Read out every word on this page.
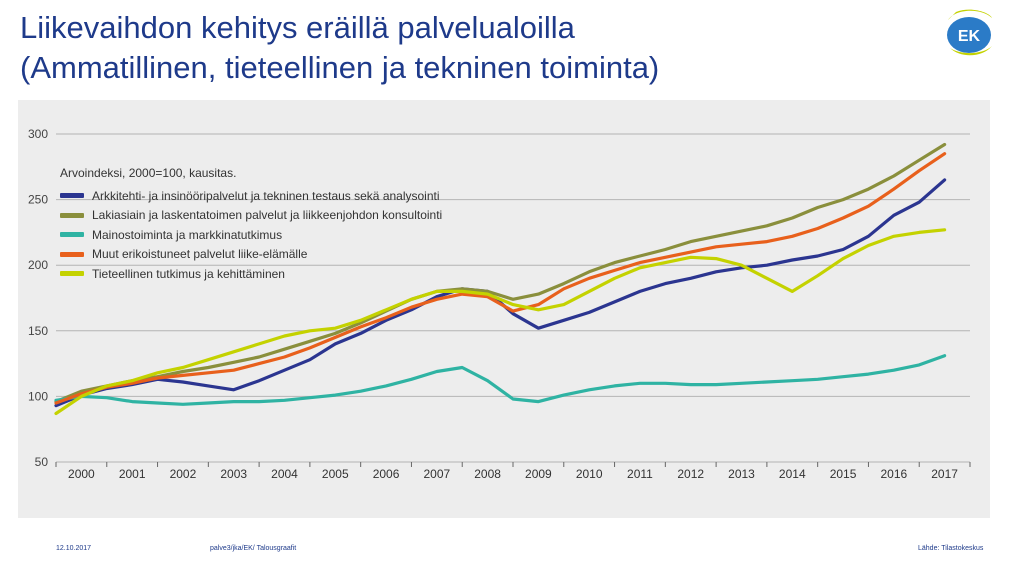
Liikevaihdon kehitys eräillä palvelualoilla
(Ammatillinen, tieteellinen ja tekninen toiminta)
EK
50
100
150
200
250
300
2000 2001 2002 2003 2004 2005 2006 2007 2008 2009 2010 2011 2012 2013 2014 2015 2016 2017
Arvoindeksi, 2000=100, kausitas.
Arkkitehti- ja insinööripalvelut ja tekninen testaus sekä analysointi
Lakiasiain ja laskentatoimen palvelut ja liikkeenjohdon konsultointi
Mainostoiminta ja markkinatutkimus
Muut erikoistuneet palvelut liike-elämälle
Tieteellinen tutkimus ja kehittäminen
12.10.2017	palve3/jka/EK/ Talousgraafit	Lähde: Tilastokeskus
